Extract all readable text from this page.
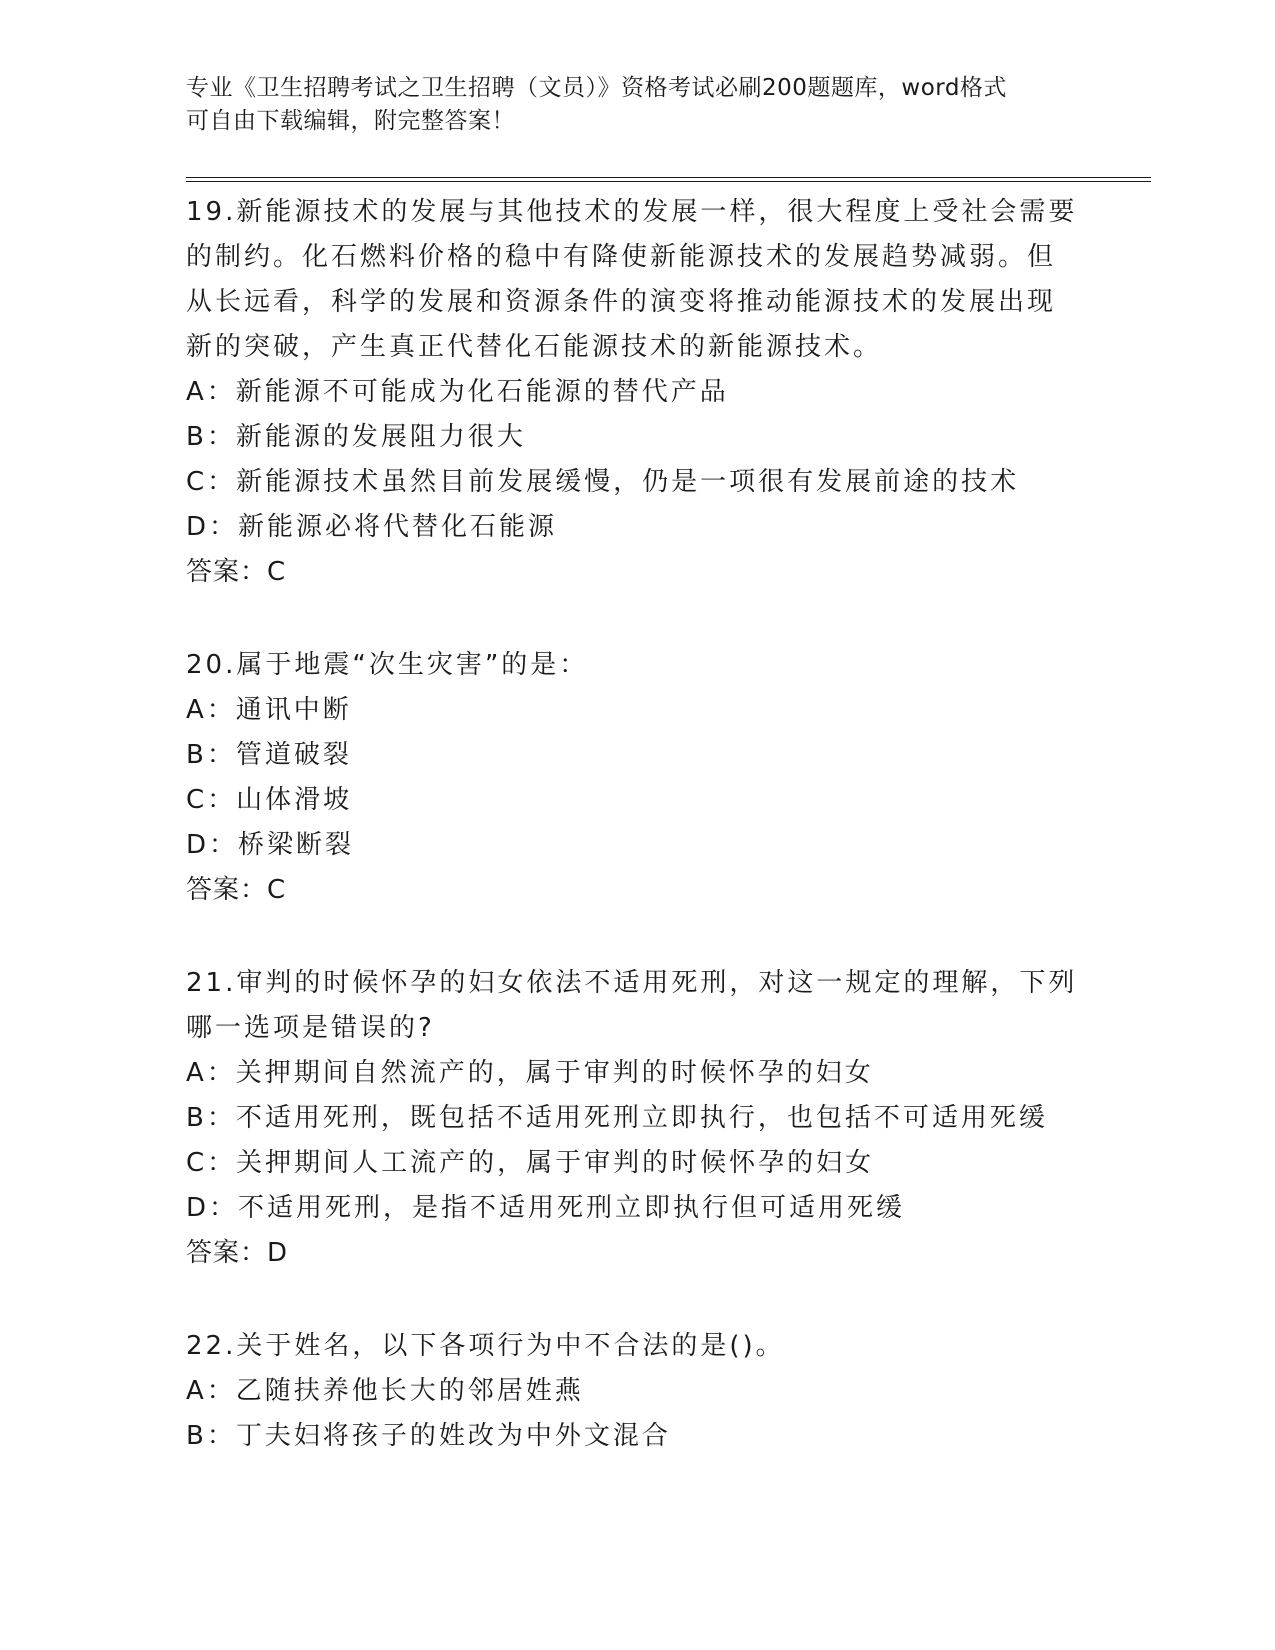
专业《卫生招聘考试之卫生招聘（文员）》资格考试必刷200题题库，word格式
可自由下载编辑，附完整答案！
19.新能源技术的发展与其他技术的发展一样，很大程度上受社会需要
的制约。化石燃料价格的稳中有降使新能源技术的发展趋势减弱。但
从长远看，科学的发展和资源条件的演变将推动能源技术的发展出现
新的突破，产生真正代替化石能源技术的新能源技术。
A：新能源不可能成为化石能源的替代产品
B：新能源的发展阻力很大
C：新能源技术虽然目前发展缓慢，仍是一项很有发展前途的技术
D：新能源必将代替化石能源
答案：C
20.属于地震“次生灾害”的是：
A：通讯中断
B：管道破裂
C：山体滑坡
D：桥梁断裂
答案：C
21.审判的时候怀孕的妇女依法不适用死刑，对这一规定的理解，下列
哪一选项是错误的?
A：关押期间自然流产的，属于审判的时候怀孕的妇女
B：不适用死刑，既包括不适用死刑立即执行，也包括不可适用死缓
C：关押期间人工流产的，属于审判的时候怀孕的妇女
D：不适用死刑，是指不适用死刑立即执行但可适用死缓
答案：D
22.关于姓名，以下各项行为中不合法的是()。
A：乙随扶养他长大的邻居姓燕
B：丁夫妇将孩子的姓改为中外文混合
